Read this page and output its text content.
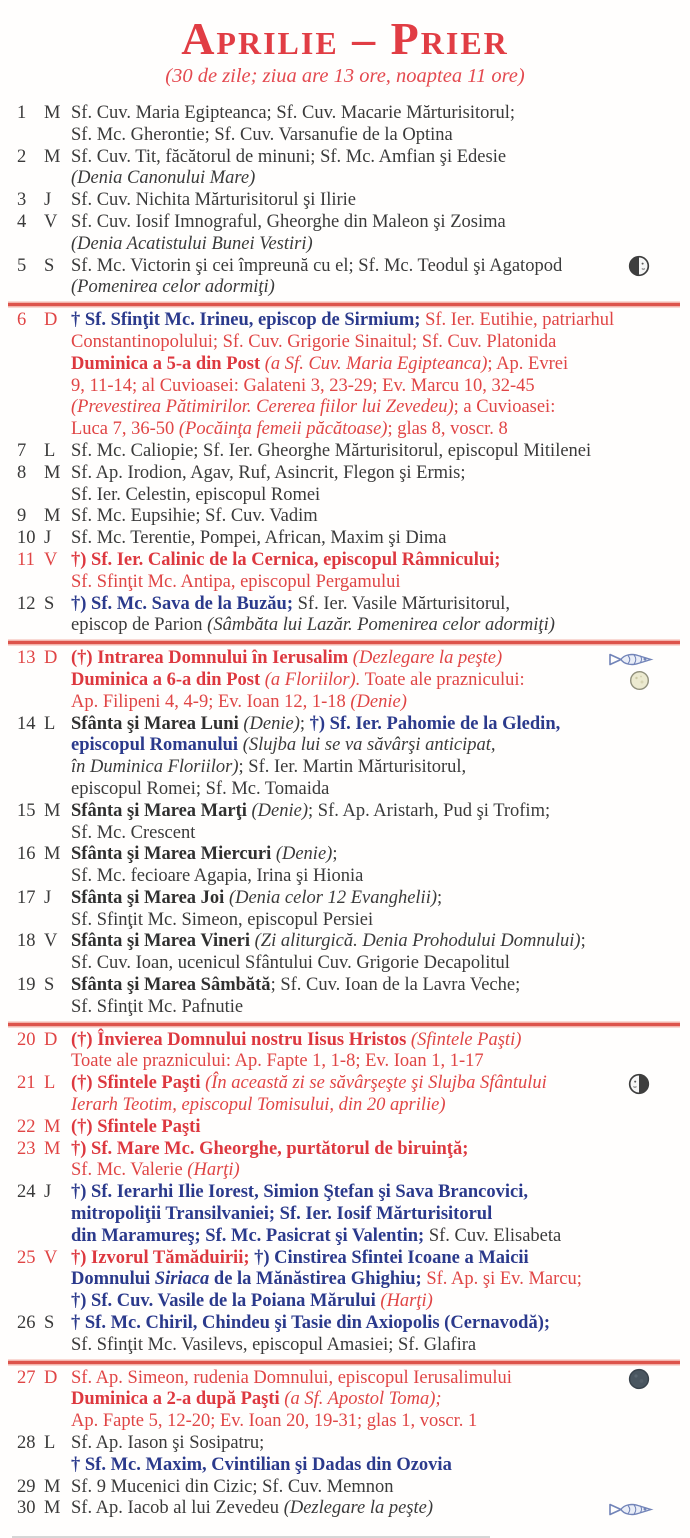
Aprilie – Prier
(30 de zile; ziua are 13 ore, noaptea 11 ore)
1 M Sf. Cuv. Maria Egipteanca; Sf. Cuv. Macarie Mărturisitorul;
Sf. Mc. Gherontie; Sf. Cuv. Varsanufie de la Optina
2 M Sf. Cuv. Tit, făcătorul de minuni; Sf. Mc. Amfian şi Edesie
(Denia Canonului Mare)
3 J Sf. Cuv. Nichita Mărturisitorul şi Ilirie
4 V Sf. Cuv. Iosif Imnograful, Gheorghe din Maleon şi Zosima
(Denia Acatistului Bunei Vestiri)
5 S Sf. Mc. Victorin şi cei împreună cu el; Sf. Mc. Teodul şi Agatopod
(Pomenirea celor adormiţi)
6 D † Sf. Sfinţit Mc. Irineu, episcop de Sirmium; Sf. Ier. Eutihie, patriarhul
Constantinopolului; Sf. Cuv. Grigorie Sinaitul; Sf. Cuv. Platonida
Duminica a 5-a din Post (a Sf. Cuv. Maria Egipteanca); Ap. Evrei
9, 11-14; al Cuvioasei: Galateni 3, 23-29; Ev. Marcu 10, 32-45
(Prevestirea Pătimirilor. Cererea fiilor lui Zevedeu); a Cuvioasei:
Luca 7, 36-50 (Pocăinţa femeii păcătoase); glas 8, voscr. 8
7 L Sf. Mc. Caliopie; Sf. Ier. Gheorghe Mărturisitorul, episcopul Mitilenei
8 M Sf. Ap. Irodion, Agav, Ruf, Asincrit, Flegon şi Ermis;
Sf. Ier. Celestin, episcopul Romei
9 M Sf. Mc. Eupsihie; Sf. Cuv. Vadim
10 J Sf. Mc. Terentie, Pompei, African, Maxim şi Dima
11 V †) Sf. Ier. Calinic de la Cernica, episcopul Râmnicului;
Sf. Sfinţit Mc. Antipa, episcopul Pergamului
12 S †) Sf. Mc. Sava de la Buzău; Sf. Ier. Vasile Mărturisitorul,
episcop de Parion (Sâmbăta lui Lazăr. Pomenirea celor adormiţi)
13 D (†) Intrarea Domnului în Ierusalim (Dezlegare la peşte)
Duminica a 6-a din Post (a Floriilor). Toate ale praznicului:
Ap. Filipeni 4, 4-9; Ev. Ioan 12, 1-18 (Denie)
14 L Sfânta şi Marea Luni (Denie); †) Sf. Ier. Pahomie de la Gledin,
episcopul Romanului (Slujba lui se va săvârşi anticipat,
în Duminica Floriilor); Sf. Ier. Martin Mărturisitorul,
episcopul Romei; Sf. Mc. Tomaida
15 M Sfânta şi Marea Marţi (Denie); Sf. Ap. Aristarh, Pud şi Trofim;
Sf. Mc. Crescent
16 M Sfânta şi Marea Miercuri (Denie);
Sf. Mc. fecioare Agapia, Irina şi Hionia
17 J Sfânta şi Marea Joi (Denia celor 12 Evanghelii);
Sf. Sfinţit Mc. Simeon, episcopul Persiei
18 V Sfânta şi Marea Vineri (Zi aliturgică. Denia Prohodului Domnului);
Sf. Cuv. Ioan, ucenicul Sfântului Cuv. Grigorie Decapolitul
19 S Sfânta şi Marea Sâmbătă; Sf. Cuv. Ioan de la Lavra Veche;
Sf. Sfinţit Mc. Pafnutie
20 D (†) Învierea Domnului nostru Iisus Hristos (Sfintele Paşti)
Toate ale praznicului: Ap. Fapte 1, 1-8; Ev. Ioan 1, 1-17
21 L (†) Sfintele Paşti (În această zi se săvârşeşte şi Slujba Sfântului
Ierarh Teotim, episcopul Tomisului, din 20 aprilie)
22 M (†) Sfintele Paşti
23 M †) Sf. Mare Mc. Gheorghe, purtătorul de biruinţă;
Sf. Mc. Valerie (Harţi)
24 J †) Sf. Ierarhi Ilie Iorest, Simion Ştefan şi Sava Brancovici,
mitropoliţii Transilvaniei; Sf. Ier. Iosif Mărturisitorul
din Maramureş; Sf. Mc. Pasicrat şi Valentin; Sf. Cuv. Elisabeta
25 V †) Izvorul Tămăduirii; †) Cinstirea Sfintei Icoane a Maicii
Domnului Siriaca de la Mănăstirea Ghighiu; Sf. Ap. şi Ev. Marcu;
†) Sf. Cuv. Vasile de la Poiana Mărului (Harţi)
26 S † Sf. Mc. Chiril, Chindeu şi Tasie din Axiopolis (Cernavodă);
Sf. Sfinţit Mc. Vasilevs, episcopul Amasiei; Sf. Glafira
27 D Sf. Ap. Simeon, rudenia Domnului, episcopul Ierusalimului
Duminica a 2-a după Paşti (a Sf. Apostol Toma);
Ap. Fapte 5, 12-20; Ev. Ioan 20, 19-31; glas 1, voscr. 1
28 L Sf. Ap. Iason şi Sosipatru;
† Sf. Mc. Maxim, Cvintilian şi Dadas din Ozovia
29 M Sf. 9 Mucenici din Cizic; Sf. Cuv. Memnon
30 M Sf. Ap. Iacob al lui Zevedeu (Dezlegare la peşte)
